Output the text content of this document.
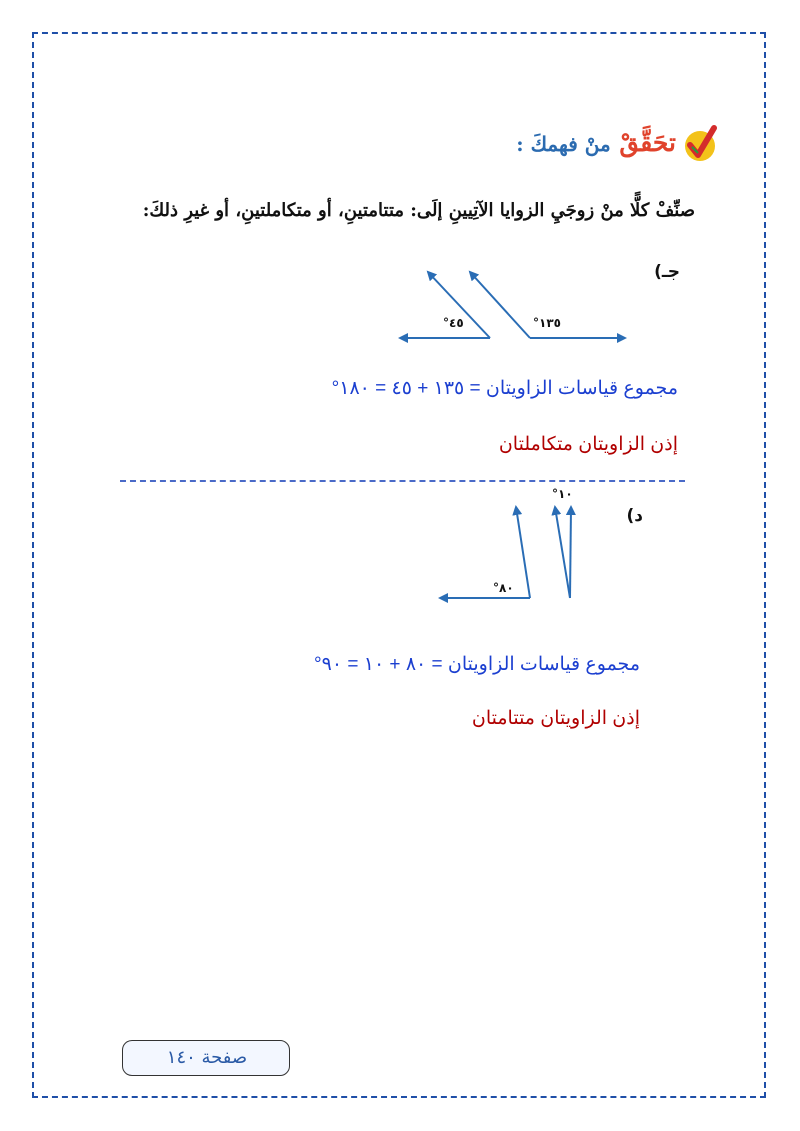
تحَقَّقْ منْ فهمكَ :
صنِّفْ كلًّا منْ زوجَيِ الزوايا الآتِيينِ إلَى: متتامتينِ، أو متكاملتينِ، أو غيرِ ذلكَ:
جـ)
°٤٥	°١٣٥
مجموع قياسات الزاويتان = ١٣٥ + ٤٥ = ١٨٠°
إذن الزاويتان متكاملتان
د)
°٨٠
°١٠
مجموع قياسات الزاويتان = ٨٠ + ١٠ = ٩٠°
إذن الزاويتان متتامتان
صفحة ١٤٠
